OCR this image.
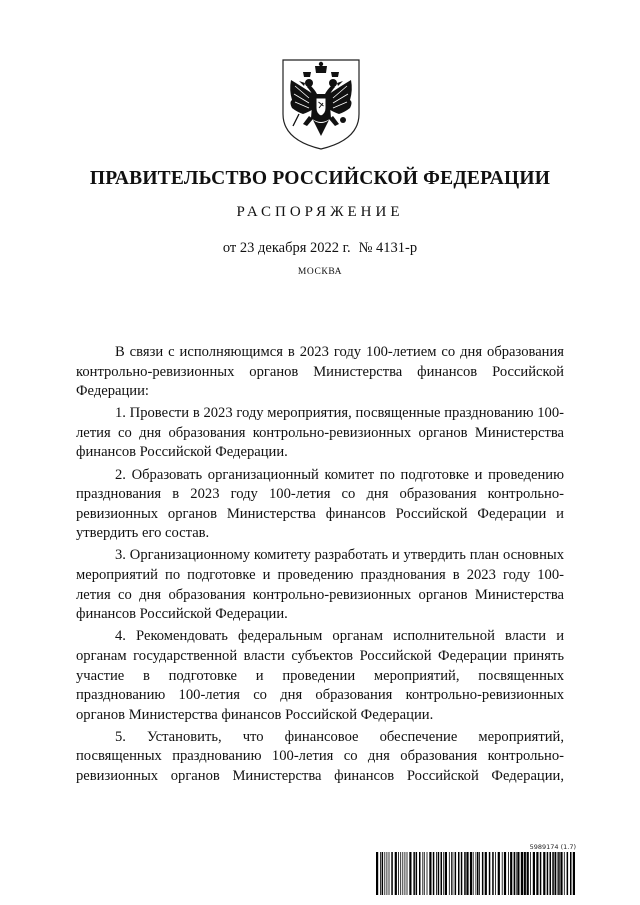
ПРАВИТЕЛЬСТВО РОССИЙСКОЙ ФЕДЕРАЦИИ
РАСПОРЯЖЕНИЕ
от 23 декабря 2022 г. № 4131-р
МОСКВА

В связи с исполняющимся в 2023 году 100-летием со дня образования контрольно-ревизионных органов Министерства финансов Российской Федерации:

1. Провести в 2023 году мероприятия, посвященные празднованию 100-летия со дня образования контрольно-ревизионных органов Министерства финансов Российской Федерации.

2. Образовать организационный комитет по подготовке и проведению празднования в 2023 году 100-летия со дня образования контрольно-ревизионных органов Министерства финансов Российской Федерации и утвердить его состав.

3. Организационному комитету разработать и утвердить план основных мероприятий по подготовке и проведению празднования в 2023 году 100-летия со дня образования контрольно-ревизионных органов Министерства финансов Российской Федерации.

4. Рекомендовать федеральным органам исполнительной власти и органам государственной власти субъектов Российской Федерации принять участие в подготовке и проведении мероприятий, посвященных празднованию 100-летия со дня образования контрольно-ревизионных органов Министерства финансов Российской Федерации.

5. Установить, что финансовое обеспечение мероприятий, посвященных празднованию 100-летия со дня образования контрольно-ревизионных органов Министерства финансов Российской Федерации,

5989174 (1.7)
